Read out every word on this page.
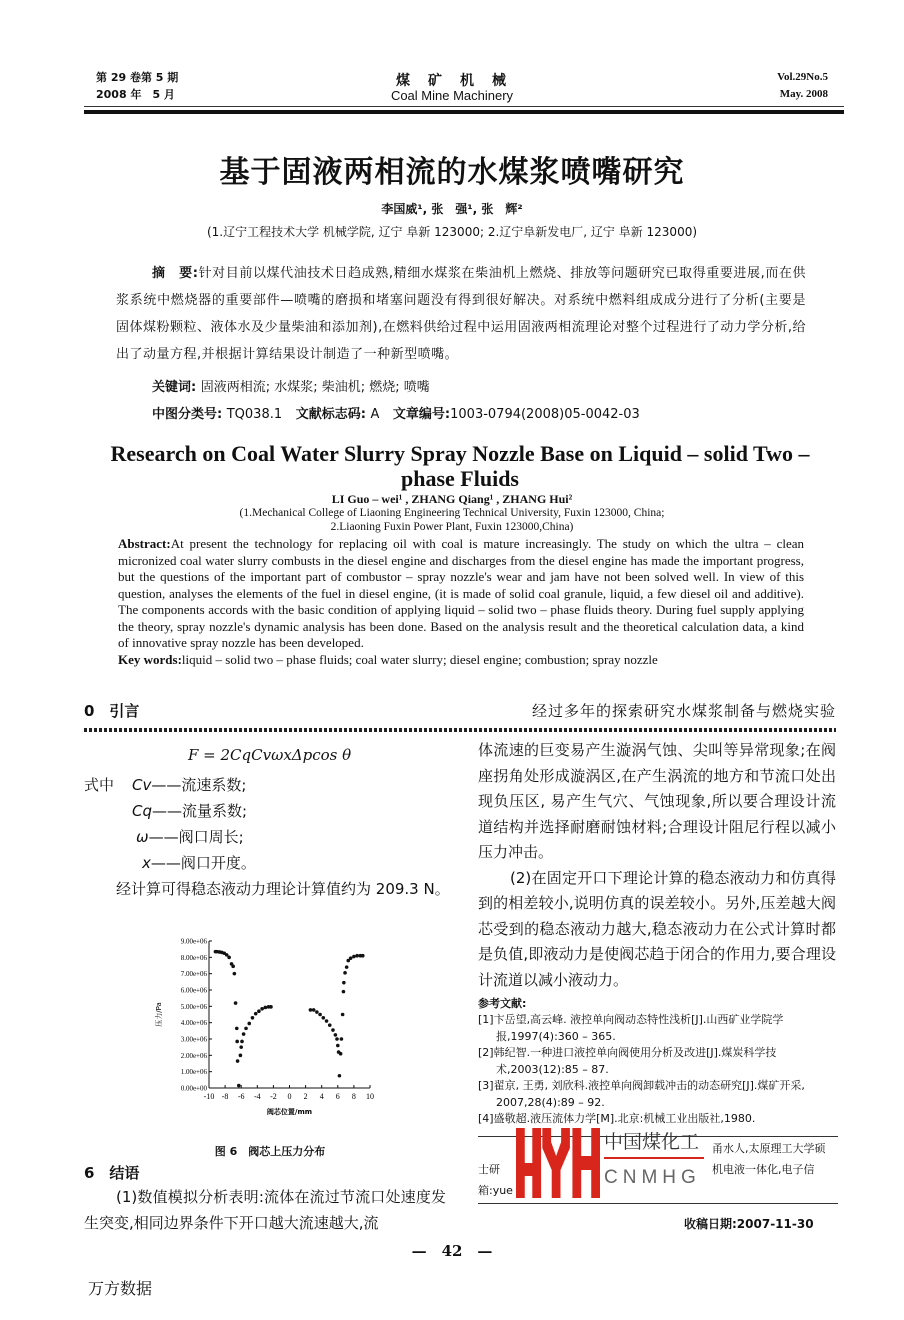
第 29 卷第 5 期
2008 年　5 月
煤　矿　机　械
Coal Mine Machinery
Vol.29No.5
May. 2008
基于固液两相流的水煤浆喷嘴研究
李国威¹, 张　强¹, 张　辉²
(1.辽宁工程技术大学 机械学院, 辽宁 阜新 123000; 2.辽宁阜新发电厂, 辽宁 阜新 123000)
摘　要:针对目前以煤代油技术日趋成熟,精细水煤浆在柴油机上燃烧、排放等问题研究已取得重要进展,而在供浆系统中燃烧器的重要部件—喷嘴的磨损和堵塞问题没有得到很好解决。对系统中燃料组成成分进行了分析(主要是固体煤粉颗粒、液体水及少量柴油和添加剂),在燃料供给过程中运用固液两相流理论对整个过程进行了动力学分析,给出了动量方程,并根据计算结果设计制造了一种新型喷嘴。
关键词: 固液两相流; 水煤浆; 柴油机; 燃烧; 喷嘴
中图分类号: TQ038.1 文献标志码: A 文章编号:1003-0794(2008)05-0042-03
Research on Coal Water Slurry Spray Nozzle Base on Liquid – solid Two – phase Fluids
LI Guo – wei¹ , ZHANG Qiang¹ , ZHANG Hui²
(1.Mechanical College of Liaoning Engineering Technical University, Fuxin 123000, China;
2.Liaoning Fuxin Power Plant, Fuxin 123000,China)
Abstract:At present the technology for replacing oil with coal is mature increasingly. The study on which the ultra – clean micronized coal water slurry combusts in the diesel engine and discharges from the diesel engine has made the important progress, but the questions of the important part of combustor – spray nozzle's wear and jam have not been solved well. In view of this question, analyses the elements of the fuel in diesel engine, (it is made of solid coal granule, liquid, a few diesel oil and additive). The components accords with the basic condition of applying liquid – solid two – phase fluids theory. During fuel supply applying the theory, spray nozzle's dynamic analysis has been done. Based on the analysis result and the theoretical calculation data, a kind of innovative spray nozzle has been developed.
Key words:liquid – solid two – phase fluids; coal water slurry; diesel engine; combustion; spray nozzle
0　引言	经过多年的探索研究水煤浆制备与燃烧实验
F = 2CqCvωxΔpcos θ
式中 Cv——流速系数;
Cq——流量系数;
ω——阀口周长;
x——阀口开度。
经计算可得稳态液动力理论计算值约为 209.3 N。
0.00e+00
1.00e+06
2.00e+06
3.00e+06
4.00e+06
5.00e+06
6.00e+06
7.00e+06
8.00e+06
9.00e+06
-10 -8 -6 -4 -2 0 2 4 6 8 10
阀芯位置/mm
压力/Pa
图 6　阀芯上压力分布
6　结语
(1)数值模拟分析表明:流体在流过节流口处速度发生突变,相同边界条件下开口越大流速越大,流
体流速的巨变易产生漩涡气蚀、尖叫等异常现象;在阀座拐角处形成漩涡区,在产生涡流的地方和节流口处出现负压区, 易产生气穴、气蚀现象,所以要合理设计流道结构并选择耐磨耐蚀材料;合理设计阻尼行程以减小压力冲击。
(2)在固定开口下理论计算的稳态液动力和仿真得到的相差较小,说明仿真的误差较小。另外,压差越大阀芯受到的稳态液动力越大,稳态液动力在公式计算时都是负值,即液动力是使阀芯趋于闭合的作用力,要合理设计流道以减小液动力。
参考文献:
[1]卞岳望,高云峰. 液控单向阀动态特性浅析[J].山西矿业学院学报,1997(4):360 – 365.
[2]韩纪智.一种进口液控单向阀使用分析及改进[J].煤炭科学技术,2003(12):85 – 87.
[3]翟京, 王勇, 刘欣科.液控单向阀卸载冲击的动态研究[J].煤矿开采, 2007,28(4):89 – 92.
[4]盛敬超.液压流体力学[M].北京:机械工业出版社,1980.
甬水人,太原理工大学硕
士研	机电液一体化,电子信
箱:yue
收稿日期:2007-11-30
中国煤化工
CNMHG
—　42　—
万方数据
